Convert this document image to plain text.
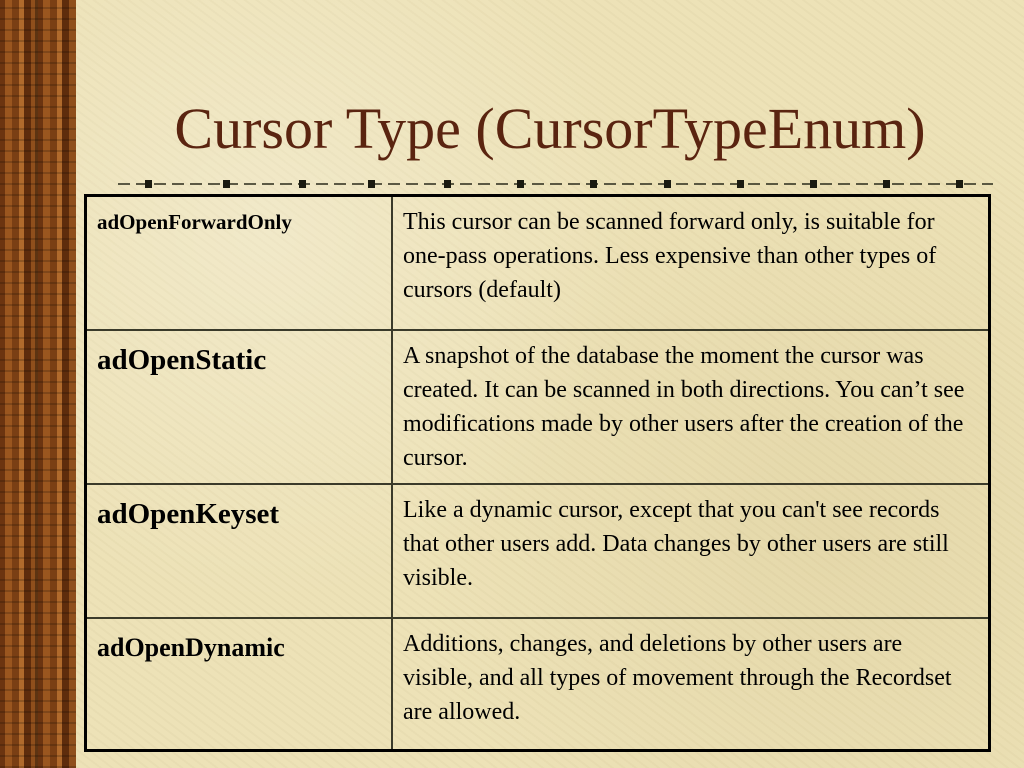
Cursor Type (CursorTypeEnum)
adOpenForwardOnly	This cursor can be scanned forward only, is suitable for one-pass operations. Less expensive than other types of cursors (default)
adOpenStatic	A snapshot of the database the moment the cursor was created. It can be scanned in both directions. You can’t see modifications made by other users after the creation of the cursor.
adOpenKeyset	Like a dynamic cursor, except that you can't see records that other users add. Data changes by other users are still visible.
adOpenDynamic	Additions, changes, and deletions by other users are visible, and all types of movement through the Recordset are allowed.
